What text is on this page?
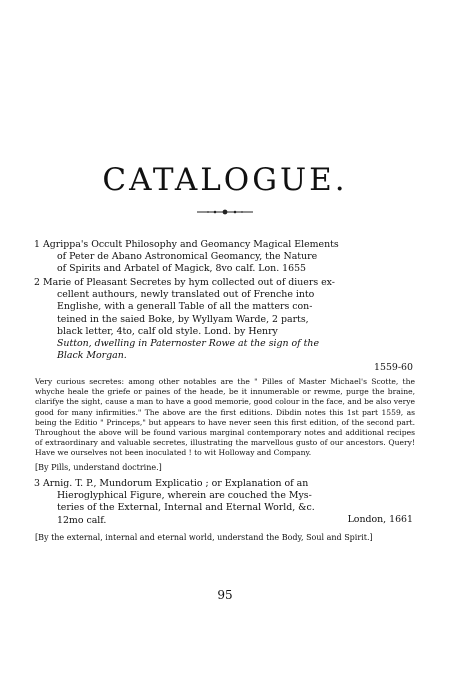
CATALOGUE.
1 Agrippa's Occult Philosophy and Geomancy Magical Elements

of Peter de Abano Astronomical Geomancy, the Nature

of Spirits and Arbatel of Magick, 8vo calf. Lon. 1655

2 Marie of Pleasant Secretes by hym collected out of diuers ex-

cellent authours, newly translated out of Frenche into

Englishe, with a generall Table of all the matters con-

teined in the saied Boke, by Wyllyam Warde, 2 parts,

black letter, 4to, calf old style. Lond. by Henry

Sutton, dwelling in Paternoster Rowe at the sign of the

Black Morgan.

1559-60

Very curious secretes: among other notables are the " Pilles of Master Michael's Scotte, the whyche heale the griefe or paines of the heade, be it innumerable or rewme, purge the braine, clarifye the sight, cause a man to have a good memorie, good colour in the face, and be also verye good for many infirmities." The above are the first editions. Dibdin notes this 1st part 1559, as being the Editio " Princeps," but appears to have never seen this first edition, of the second part. Throughout the above will be found various marginal contemporary notes and additional recipes of extraordinary and valuable secretes, illustrating the marvellous gusto of our ancestors. Query! Have we ourselves not been inoculated ! to wit Holloway and Company.
[By Pills, understand doctrine.]
3 Arnig. T. P., Mundorum Explicatio ; or Explanation of an

Hieroglyphical Figure, wherein are couched the Mys-

teries of the External, Internal and Eternal World, &c.

12mo calf.	London, 1661

[By the external, internal and eternal world, understand the Body, Soul and Spirit.]
95
